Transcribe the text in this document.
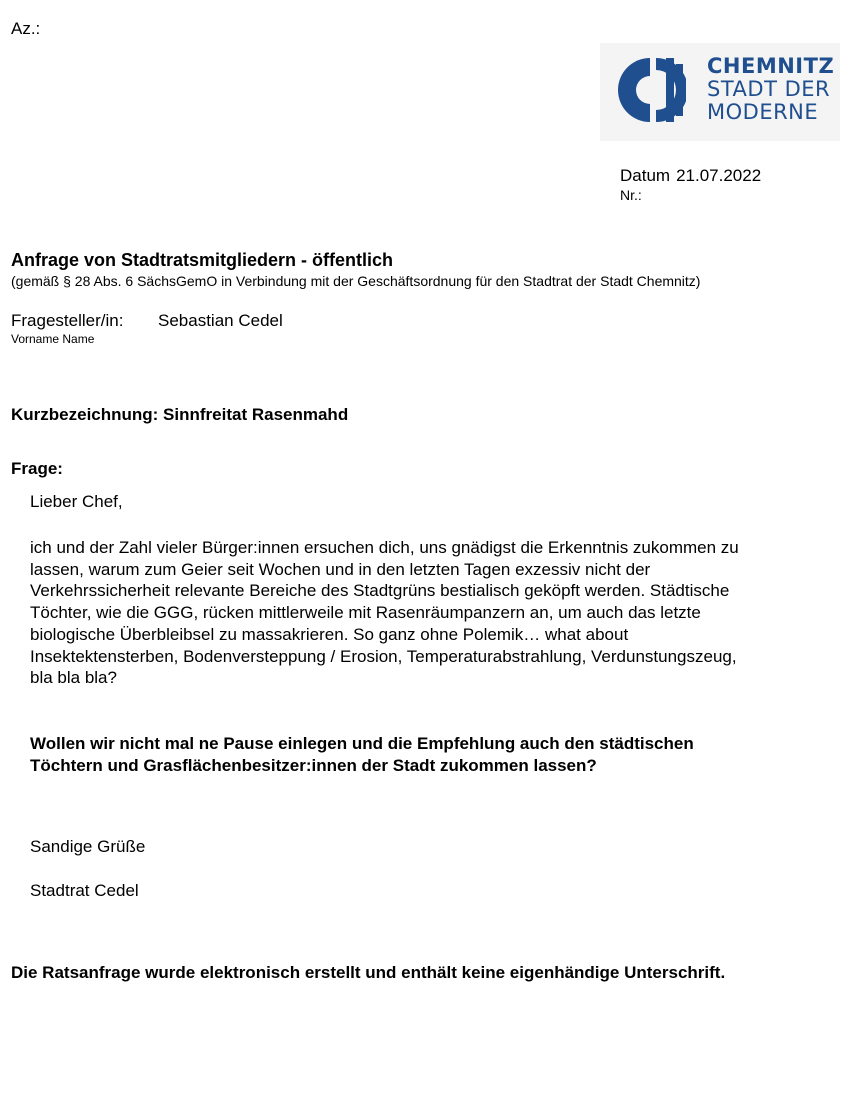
Az.:
CHEMNITZ
STADT DER
MODERNE
Datum 21.07.2022
Nr.:
Anfrage von Stadtratsmitgliedern - öffentlich
(gemäß § 28 Abs. 6 SächsGemO in Verbindung mit der Geschäftsordnung für den Stadtrat der Stadt Chemnitz)
Fragesteller/in: Sebastian Cedel
Vorname Name
Kurzbezeichnung: Sinnfreitat Rasenmahd
Frage:
Lieber Chef,
ich und der Zahl vieler Bürger:innen ersuchen dich, uns gnädigst die Erkenntnis zukommen zu
lassen, warum zum Geier seit Wochen und in den letzten Tagen exzessiv nicht der
Verkehrssicherheit relevante Bereiche des Stadtgrüns bestialisch geköpft werden. Städtische
Töchter, wie die GGG, rücken mittlerweile mit Rasenräumpanzern an, um auch das letzte
biologische Überbleibsel zu massakrieren. So ganz ohne Polemik… what about
Insektektensterben, Bodenversteppung / Erosion, Temperaturabstrahlung, Verdunstungszeug,
bla bla bla?
Wollen wir nicht mal ne Pause einlegen und die Empfehlung auch den städtischen
Töchtern und Grasflächenbesitzer:innen der Stadt zukommen lassen?
Sandige Grüße
Stadtrat Cedel
Die Ratsanfrage wurde elektronisch erstellt und enthält keine eigenhändige Unterschrift.
